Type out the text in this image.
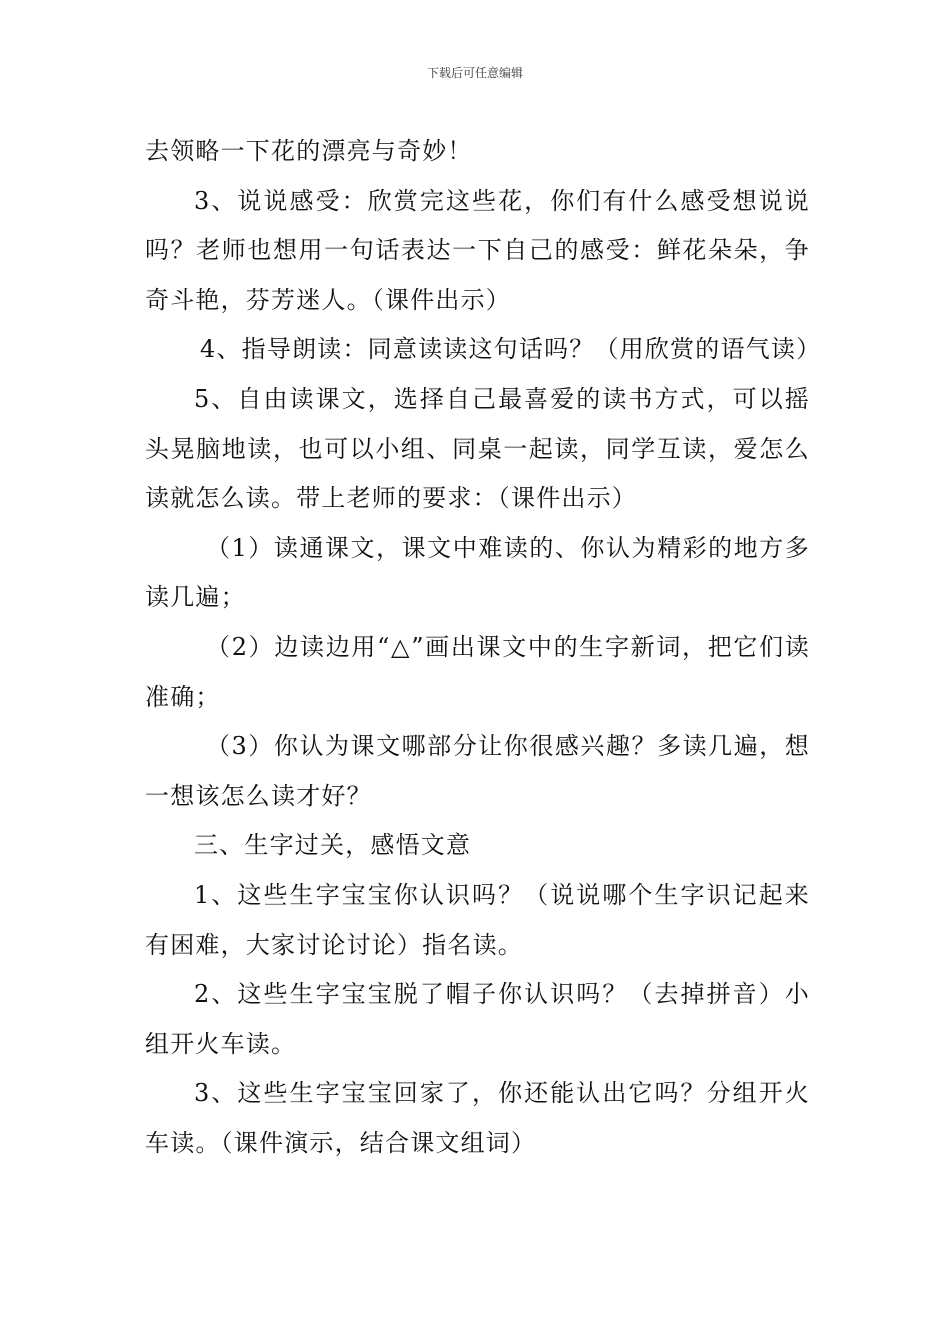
下载后可任意编辑

去领略一下花的漂亮与奇妙！

3、说说感受：欣赏完这些花，你们有什么感受想说说吗？老师也想用一句话表达一下自己的感受：鲜花朵朵，争奇斗艳，芬芳迷人。（课件出示）

4、指导朗读：同意读读这句话吗？（用欣赏的语气读）

5、自由读课文，选择自己最喜爱的读书方式，可以摇头晃脑地读，也可以小组、同桌一起读，同学互读，爱怎么读就怎么读。带上老师的要求：（课件出示）

（1）读通课文，课文中难读的、你认为精彩的地方多读几遍；

（2）边读边用“△”画出课文中的生字新词，把它们读准确；

（3）你认为课文哪部分让你很感兴趣？多读几遍，想一想该怎么读才好？

三、生字过关，感悟文意

1、这些生字宝宝你认识吗？（说说哪个生字识记起来有困难，大家讨论讨论）指名读。

2、这些生字宝宝脱了帽子你认识吗？（去掉拼音）小组开火车读。

3、这些生字宝宝回家了，你还能认出它吗？分组开火车读。（课件演示，结合课文组词）
